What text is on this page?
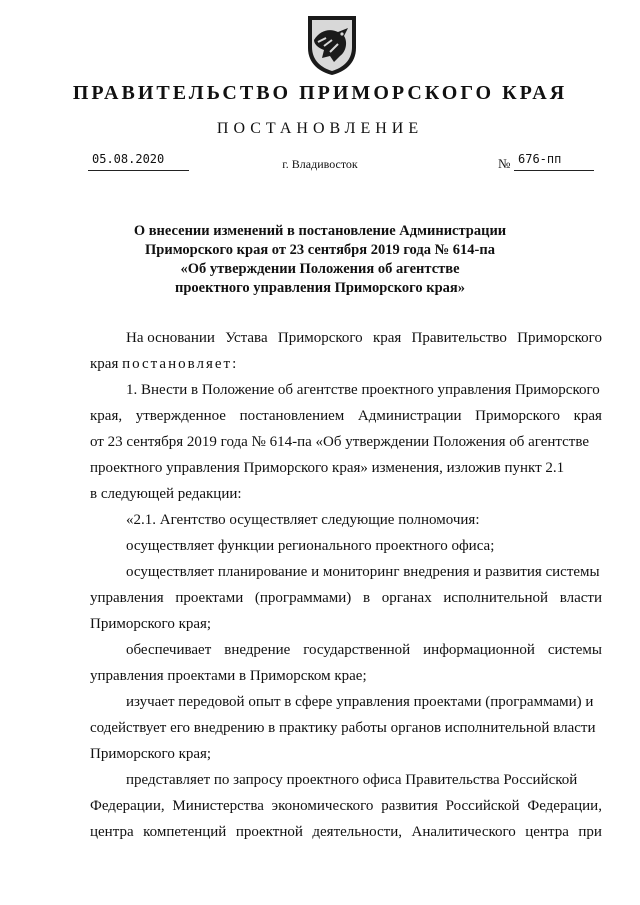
ПРАВИТЕЛЬСТВО ПРИМОРСКОГО КРАЯ
ПОСТАНОВЛЕНИЕ
05.08.2020	г. Владивосток	№ 676-пп
О внесении изменений в постановление Администрации
Приморского края от 23 сентября 2019 года № 614-па
«Об утверждении Положения об агентстве
проектного управления Приморского края»
На основании Устава Приморского края Правительство Приморского
края постановляет:
1. Внести в Положение об агентстве проектного управления Приморского
края, утвержденное постановлением Администрации Приморского края
от 23 сентября 2019 года № 614-па «Об утверждении Положения об агентстве
проектного управления Приморского края» изменения, изложив пункт 2.1
в следующей редакции:
«2.1. Агентство осуществляет следующие полномочия:
осуществляет функции регионального проектного офиса;
осуществляет планирование и мониторинг внедрения и развития системы
управления проектами (программами) в органах исполнительной власти
Приморского края;
обеспечивает внедрение государственной информационной системы
управления проектами в Приморском крае;
изучает передовой опыт в сфере управления проектами (программами) и
содействует его внедрению в практику работы органов исполнительной власти
Приморского края;
представляет по запросу проектного офиса Правительства Российской
Федерации, Министерства экономического развития Российской Федерации,
центра компетенций проектной деятельности, Аналитического центра при
